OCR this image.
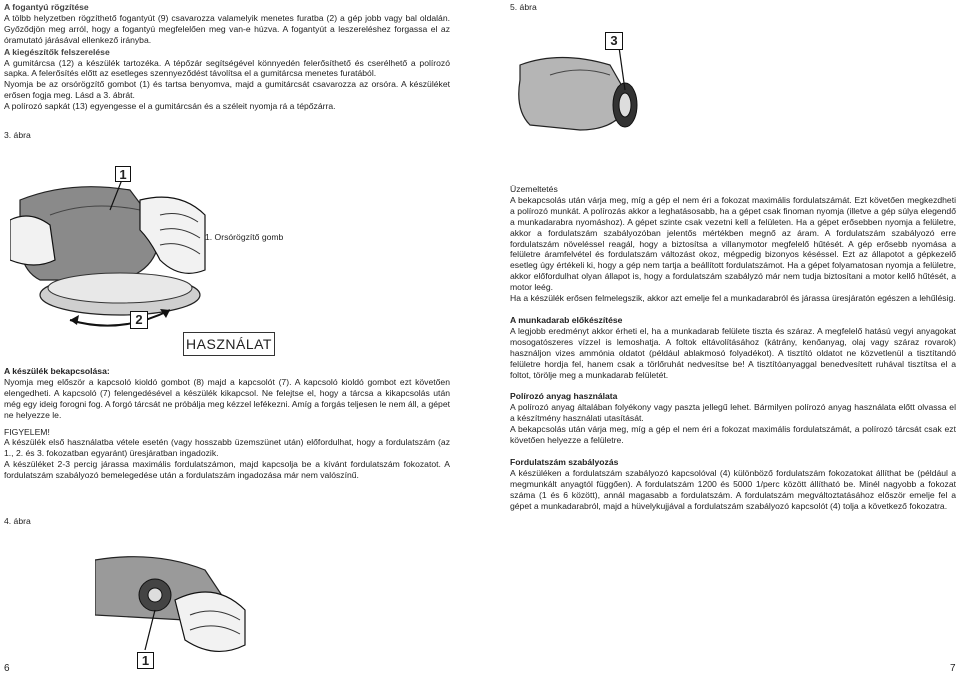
A fogantyú rögzítése

A tölbb helyzetben rögzíthető fogantyút (9) csavarozza valamelyik menetes furatba (2) a gép jobb vagy bal oldalán. Győződjön meg arról, hogy a fogantyú megfelelően meg van-e húzva. A fogantyút a leszereléshez forgassa el az óramutató járásával ellenkező irányba.

A kiegészítők felszerelése

A gumitárcsa (12) a készülék tartozéka. A tépőzár segítségével könnyedén felerősíthető és cserélhető a polírozó sapka. A felerősítés előtt az esetleges szennyeződést távolítsa el a gumitárcsa menetes furatából.

Nyomja be az orsórögzítő gombot (1) és tartsa benyomva, majd a gumitárcsát csavarozza az orsóra. A készüléket erősen fogja meg. Lásd a 3. ábrát.

A polírozó sapkát (13) egyengesse el a gumitárcsán és a széleit nyomja rá a tépőzárra.

3. ábra
1
2
1. Orsórögzítő gomb
HASZNÁLAT
A készülék bekapcsolása:

Nyomja meg először a kapcsoló kioldó gombot (8) majd a kapcsolót (7). A kapcsoló kioldó gombot ezt követően elengedheti. A kapcsoló (7) felengedésével a készülék kikapcsol. Ne felejtse el, hogy a tárcsa a kikapcsolás után még egy ideig forogni fog. A forgó tárcsát ne próbálja meg kézzel lefékezni. Amíg a forgás teljesen le nem áll, a gépet ne helyezze le.

FIGYELEM!

A készülék első használatba vétele esetén (vagy hosszabb üzemszünet után) előfordulhat, hogy a fordulatszám (az 1., 2. és 3. fokozatban egyaránt) üresjáratban ingadozik.

A készüléket 2-3 percig járassa maximális fordulatszámon, majd kapcsolja be a kívánt fordulatszám fokozatot. A fordulatszám szabályozó bemelegedése után a fordulatszám ingadozása már nem valószínű.

4. ábra
1
6
5. ábra
3
Üzemeltetés

A bekapcsolás után várja meg, míg a gép el nem éri a fokozat maximális fordulatszámát. Ezt követően megkezdheti a polírozó munkát. A polírozás akkor a leghatásosabb, ha a gépet csak finoman nyomja (illetve a gép súlya elegendő a munkadarabra nyomáshoz). A gépet szinte csak vezetni kell a felületen. Ha a gépet erősebben nyomja a felületre, akkor a fordulatszám szabályozóban jelentős mértékben megnő az áram. A fordulatszám szabályozó erre fordulatszám növeléssel reagál, hogy a biztosítsa a villanymotor megfelelő hűtését. A gép erősebb nyomása a felületre áramfelvétel és fordulatszám változást okoz, mégpedig bizonyos késéssel. Ezt az állapotot a gépkezelő esetleg úgy értékeli ki, hogy a gép nem tartja a beállított fordulatszámot. Ha a gépet folyamatosan nyomja a felületre, akkor előfordulhat olyan állapot is, hogy a fordulatszám szabályzó már nem tudja biztosítani a motor kellő hűtését, a motor leég.

Ha a készülék erősen felmelegszik, akkor azt emelje fel a munkadarabról és járassa üresjáratón egészen a lehűlésig.

A munkadarab előkészítése

A legjobb eredményt akkor érheti el, ha a munkadarab felülete tiszta és száraz. A megfelelő hatású vegyi anyagokat mosogatószeres vízzel is lemoshatja. A foltok eltávolításához (kátrány, kenőanyag, olaj vagy száraz rovarok) használjon vizes ammónia oldatot (például ablakmosó folyadékot). A tisztító oldatot ne közvetlenül a tisztítandó felületre hordja fel, hanem csak a törlőruhát nedvesítse be! A tisztítóanyaggal benedvesített ruhával tisztítsa el a foltot, törölje meg a munkadarab felületét.

Polírozó anyag használata

A polírozó anyag általában folyékony vagy paszta jellegű lehet. Bármilyen polírozó anyag használata előtt olvassa el a készítmény használati utasítását.

A bekapcsolás után várja meg, míg a gép el nem éri a fokozat maximális fordulatszámát, a polírozó tárcsát csak ezt követően helyezze a felületre.

Fordulatszám szabályozás

A készüléken a fordulatszám szabályozó kapcsolóval (4) különböző fordulatszám fokozatokat állíthat be (például a megmunkált anyagtól függően). A fordulatszám 1200 és 5000 1/perc között állítható be. Minél nagyobb a fokozat száma (1 és 6 között), annál magasabb a fordulatszám. A fordulatszám megváltoztatásához először emelje fel a gépet a munkadarabról, majd a hüvelykujjával a fordulatszám szabályozó kapcsolót (4) tolja a következő fokozatra.

7
